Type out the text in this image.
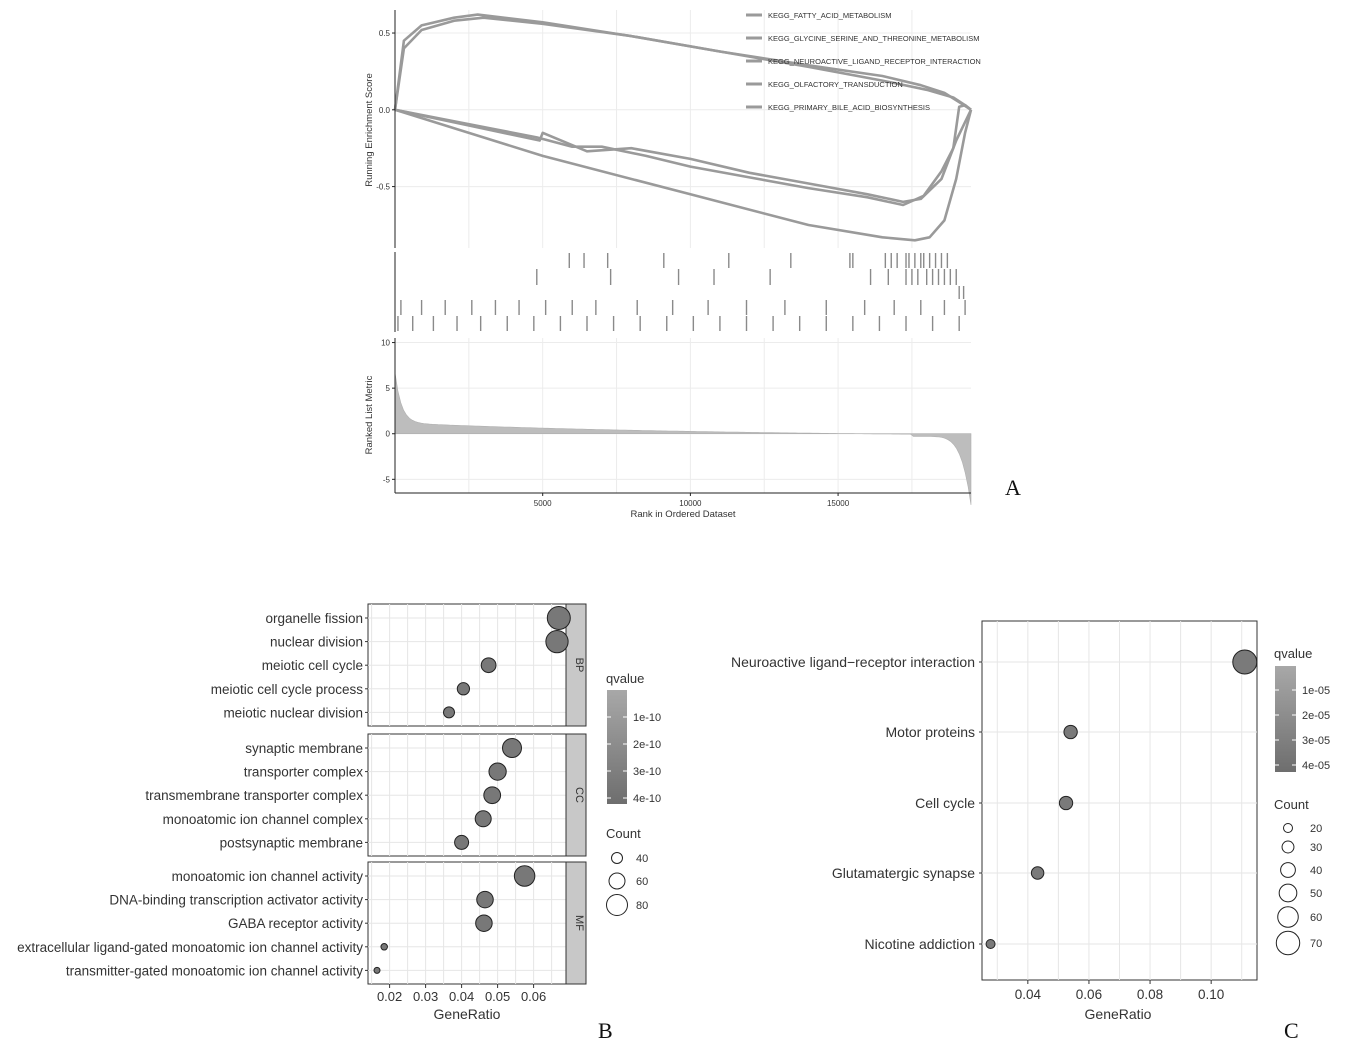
KEGG_FATTY_ACID_METABOLISM
KEGG_GLYCINE_SERINE_AND_THREONINE_METABOLISM
KEGG_NEUROACTIVE_LIGAND_RECEPTOR_INTERACTION
KEGG_OLFACTORY_TRANSDUCTION
KEGG_PRIMARY_BILE_ACID_BIOSYNTHESIS
0.5
0.0
-0.5
10
5
0
-5
5000	10000	15000
Rank in Ordered Dataset
Running Enrichment Score
Ranked List Metric
A
BP
organelle fission
nuclear division
meiotic cell cycle
meiotic cell cycle process
meiotic nuclear division
CC
synaptic membrane
transporter complex
transmembrane transporter complex
monoatomic ion channel complex
postsynaptic membrane
MF
monoatomic ion channel activity
DNA-binding transcription activator activity
GABA receptor activity
extracellular ligand-gated monoatomic ion channel activity
transmitter-gated monoatomic ion channel activity
0.02 0.03 0.04 0.05 0.06
GeneRatio
qvalue
1e-10
2e-10
3e-10
4e-10
Count
40
60
80
B
Neuroactive ligand−receptor interaction
Motor proteins
Cell cycle
Glutamatergic synapse
Nicotine addiction
0.04	0.06	0.08	0.10
GeneRatio
qvalue
1e-05
2e-05
3e-05
4e-05
Count
20
30
40
50
60
70
C
